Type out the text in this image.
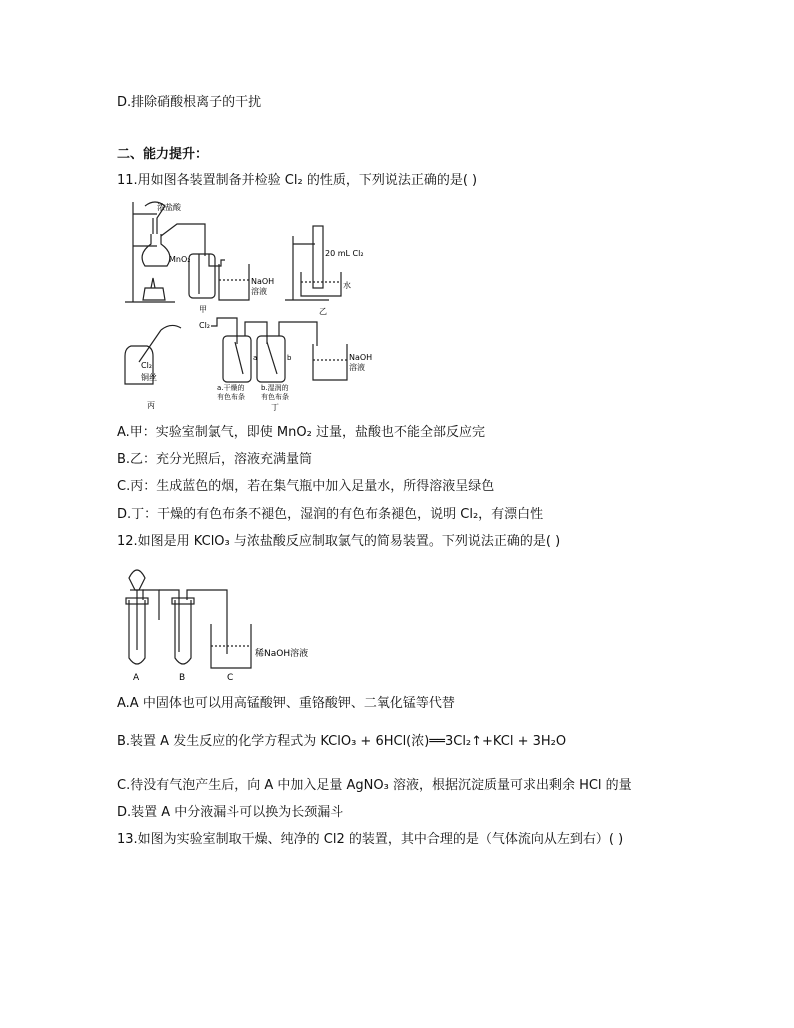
D.排除硝酸根离子的干扰
二、能力提升：
11.用如图各装置制备并检验 Cl₂ 的性质，下列说法正确的是( )
浓盐酸
MnO₂
NaOH
溶液
甲
20 mL Cl₂
水
乙
Cl₂
Cl₂
铜丝
丙
a	b
a.干燥的
有色布条
b.湿润的
有色布条
NaOH
溶液
丁
A.甲：实验室制氯气，即使 MnO₂ 过量，盐酸也不能全部反应完
B.乙：充分光照后，溶液充满量筒
C.丙：生成蓝色的烟，若在集气瓶中加入足量水，所得溶液呈绿色
D.丁：干燥的有色布条不褪色，湿润的有色布条褪色，说明 Cl₂，有漂白性
12.如图是用 KClO₃ 与浓盐酸反应制取氯气的简易装置。下列说法正确的是( )
A	B	C
稀NaOH溶液
A.A 中固体也可以用高锰酸钾、重铬酸钾、二氧化锰等代替
B.装置 A 发生反应的化学方程式为 KClO₃ + 6HCl(浓)══3Cl₂↑+KCl + 3H₂O
C.待没有气泡产生后，向 A 中加入足量 AgNO₃ 溶液，根据沉淀质量可求出剩余 HCl 的量
D.装置 A 中分液漏斗可以换为长颈漏斗
13.如图为实验室制取干燥、纯净的 Cl2 的装置，其中合理的是（气体流向从左到右）( )
